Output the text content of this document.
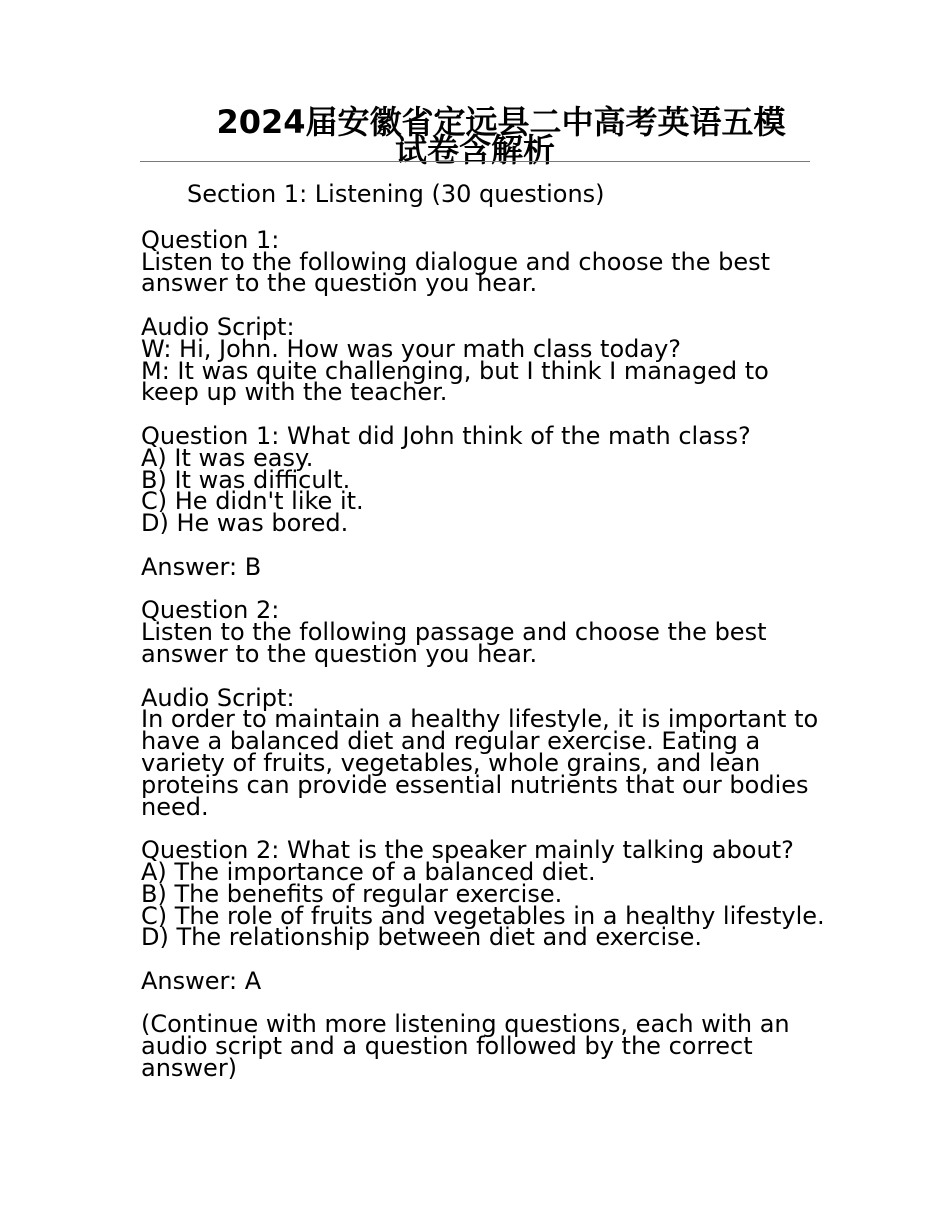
2024届安徽省定远县二中高考英语五模
试卷含解析
Section 1: Listening (30 questions)
Question 1:
Listen to the following dialogue and choose the best
answer to the question you hear.
Audio Script:
W: Hi, John. How was your math class today?
M: It was quite challenging, but I think I managed to
keep up with the teacher.
Question 1: What did John think of the math class?
A) It was easy.
B) It was difficult.
C) He didn't like it.
D) He was bored.
Answer: B
Question 2:
Listen to the following passage and choose the best
answer to the question you hear.
Audio Script:
In order to maintain a healthy lifestyle, it is important to
have a balanced diet and regular exercise. Eating a
variety of fruits, vegetables, whole grains, and lean
proteins can provide essential nutrients that our bodies
need.
Question 2: What is the speaker mainly talking about?
A) The importance of a balanced diet.
B) The benefits of regular exercise.
C) The role of fruits and vegetables in a healthy lifestyle.
D) The relationship between diet and exercise.
Answer: A
(Continue with more listening questions, each with an
audio script and a question followed by the correct
answer)
